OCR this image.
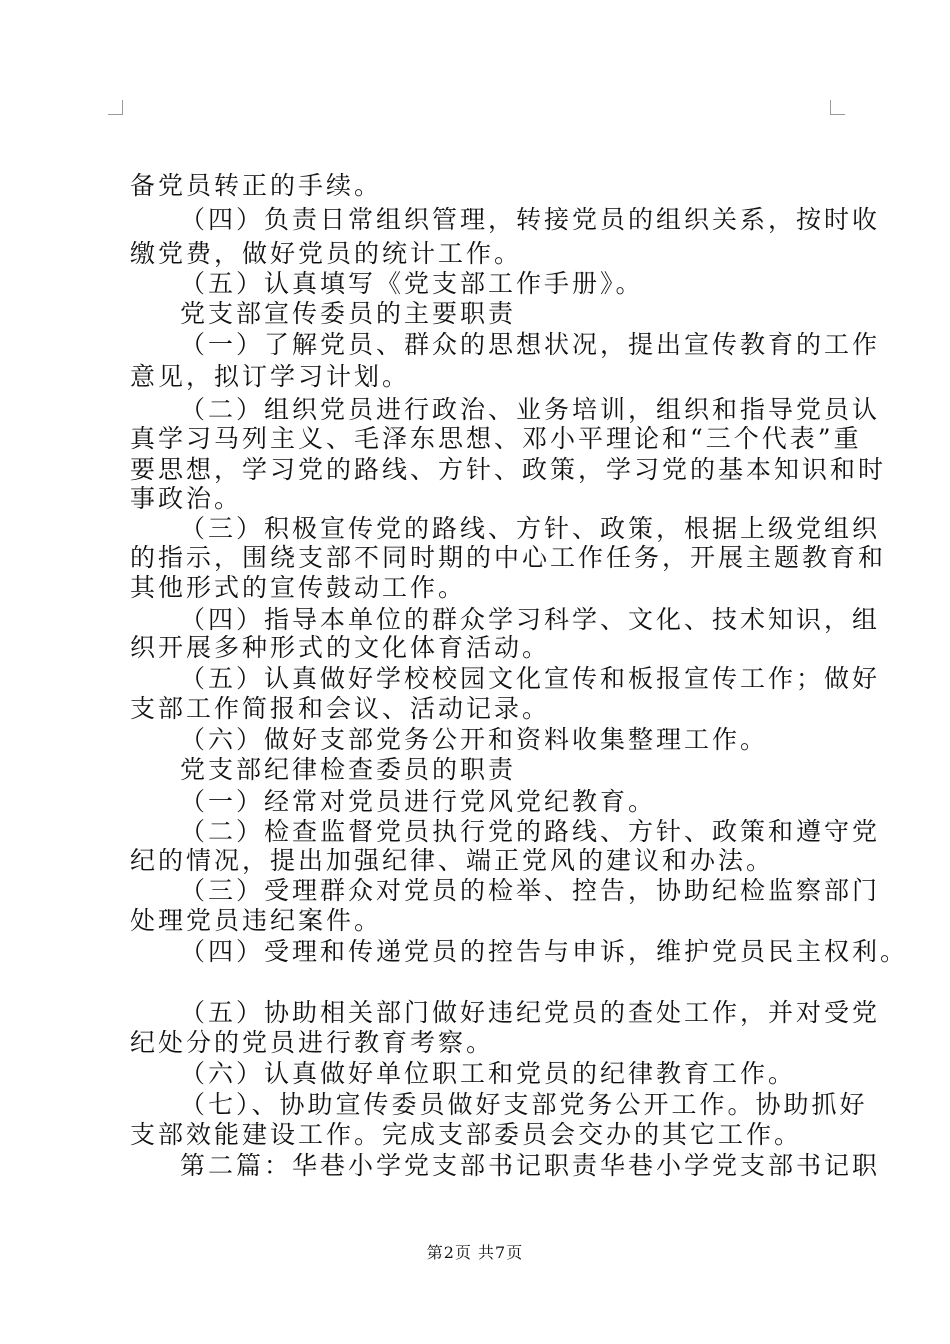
备党员转正的手续。
（四）负责日常组织管理，转接党员的组织关系，按时收
缴党费，做好党员的统计工作。
（五）认真填写《党支部工作手册》。
党支部宣传委员的主要职责
（一）了解党员、群众的思想状况，提出宣传教育的工作
意见，拟订学习计划。
（二）组织党员进行政治、业务培训，组织和指导党员认
真学习马列主义、毛泽东思想、邓小平理论和“三个代表”重
要思想，学习党的路线、方针、政策，学习党的基本知识和时
事政治。
（三）积极宣传党的路线、方针、政策，根据上级党组织
的指示，围绕支部不同时期的中心工作任务，开展主题教育和
其他形式的宣传鼓动工作。
（四）指导本单位的群众学习科学、文化、技术知识，组
织开展多种形式的文化体育活动。
（五）认真做好学校校园文化宣传和板报宣传工作；做好
支部工作简报和会议、活动记录。
（六）做好支部党务公开和资料收集整理工作。
党支部纪律检查委员的职责
（一）经常对党员进行党风党纪教育。
（二）检查监督党员执行党的路线、方针、政策和遵守党
纪的情况，提出加强纪律、端正党风的建议和办法。
（三）受理群众对党员的检举、控告，协助纪检监察部门
处理党员违纪案件。
（四）受理和传递党员的控告与申诉，维护党员民主权利。
（五）协助相关部门做好违纪党员的查处工作，并对受党
纪处分的党员进行教育考察。
（六）认真做好单位职工和党员的纪律教育工作。
（七）、协助宣传委员做好支部党务公开工作。协助抓好
支部效能建设工作。完成支部委员会交办的其它工作。
第二篇：华巷小学党支部书记职责华巷小学党支部书记职
第2页 共7页
